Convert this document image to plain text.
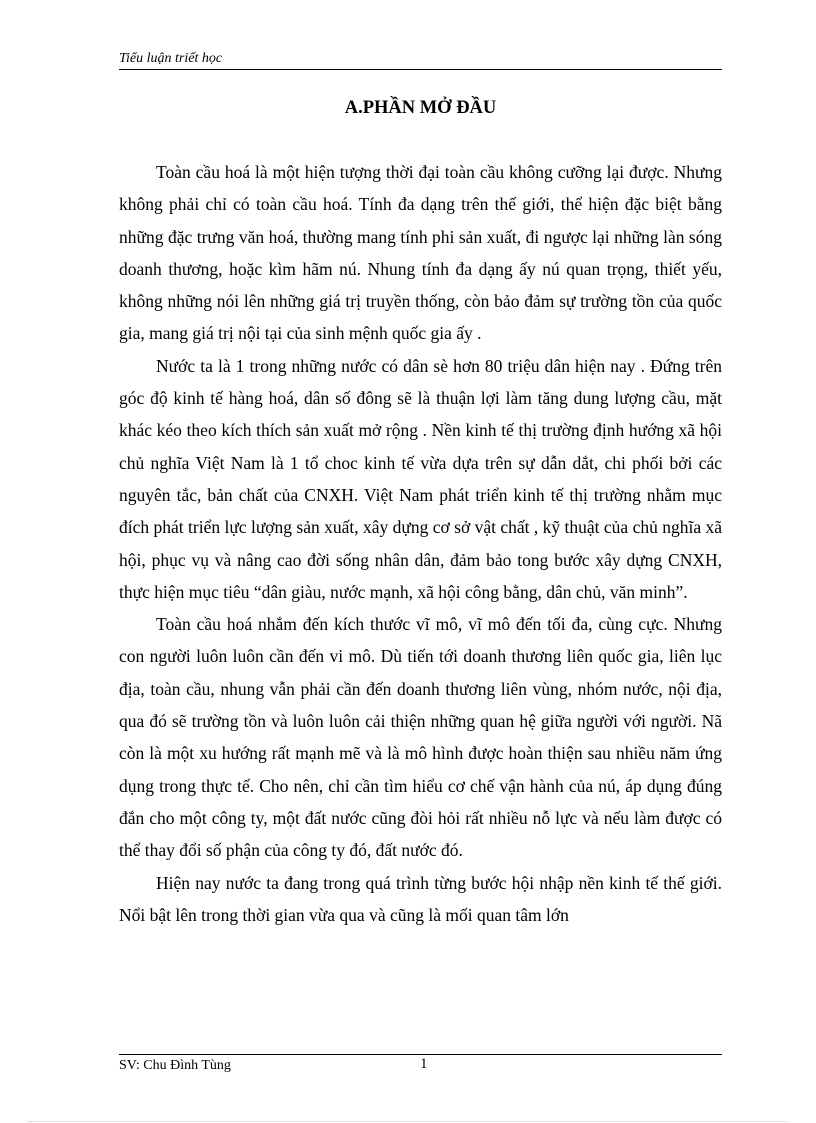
Tiểu luận triết học
A.PHẦN MỞ ĐẦU

Toàn cầu hoá là một hiện tượng thời đại toàn cầu không cưỡng lại được. Nhưng không phải chỉ có toàn cầu hoá. Tính đa dạng trên thế giới, thể hiện đặc biệt bằng những đặc trưng văn hoá, thường mang tính phi sản xuất, đi ngược lại những làn sóng doanh thương, hoặc kìm hãm nú. Nhung tính đa dạng ấy nú quan trọng, thiết yếu, không những nói lên những giá trị truyền thống, còn bảo đảm sự trường tồn của quốc gia, mang giá trị nội tại của sinh mệnh quốc gia ấy .

Nước ta là 1 trong những nước có dân sè hơn 80 triệu dân hiện nay . Đứng trên góc độ kinh tế hàng hoá, dân số đông sẽ là thuận lợi làm tăng dung lượng cầu, mặt khác kéo theo kích thích sản xuất mở rộng . Nền kinh tế thị trường định hướng xã hội chủ nghĩa Việt Nam là 1 tổ choc kinh tế vừa dựa trên sự dẫn dắt, chi phối bởi các nguyên tắc, bản chất của CNXH. Việt Nam phát triển kinh tế thị trường nhằm mục đích phát triển lực lượng sản xuất, xây dựng cơ sở vật chất , kỹ thuật của chủ nghĩa xã hội, phục vụ và nâng cao đời sống nhân dân, đảm bảo tong bước xây dựng CNXH, thực hiện mục tiêu “dân giàu, nước mạnh, xã hội công bằng, dân chủ, văn minh”.

Toàn cầu hoá nhắm đến kích thước vĩ mô, vĩ mô đến tối đa, cùng cực. Nhưng con người luôn luôn cần đến vi mô. Dù tiến tới doanh thương liên quốc gia, liên lục địa, toàn cầu, nhung vẫn phải cần đến doanh thương liên vùng, nhóm nước, nội địa, qua đó sẽ trường tồn và luôn luôn cải thiện những quan hệ giữa người với người. Nã còn là một xu hướng rất mạnh mẽ và là mô hình được hoàn thiện sau nhiều năm ứng dụng trong thực tế. Cho nên, chỉ cần tìm hiểu cơ chế vận hành của nú, áp dụng đúng đắn cho một công ty, một đất nước cũng đòi hỏi rất nhiều nỗ lực và nếu làm được có thể thay đổi số phận của công ty đó, đất nước đó.

Hiện nay nước ta đang trong quá trình từng bước hội nhập nền kinh tế thế giới. Nổi bật lên trong thời gian vừa qua và cũng là mối quan tâm lớn

SV: Chu Đình Tùng	1
